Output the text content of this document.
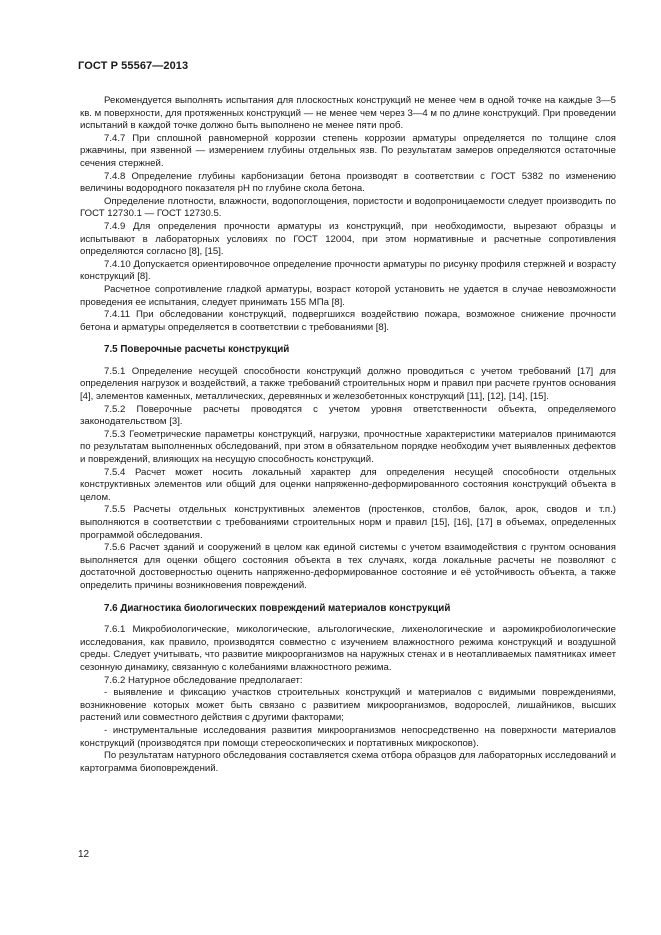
ГОСТ Р 55567—2013

Рекомендуется выполнять испытания для плоскостных конструкций не менее чем в одной точке на каждые 3—5 кв. м поверхности, для протяженных конструкций — не менее чем через 3—4 м по длине конструкций. При проведении испытаний в каждой точке должно быть выполнено не менее пяти проб.

7.4.7 При сплошной равномерной коррозии степень коррозии арматуры определяется по толщине слоя ржавчины, при язвенной — измерением глубины отдельных язв. По результатам замеров определяются остаточные сечения стержней.

7.4.8 Определение глубины карбонизации бетона производят в соответствии с ГОСТ 5382 по изменению величины водородного показателя pH по глубине скола бетона.

Определение плотности, влажности, водопоглощения, пористости и водопроницаемости следует производить по ГОСТ 12730.1 — ГОСТ 12730.5.

7.4.9 Для определения прочности арматуры из конструкций, при необходимости, вырезают образцы и испытывают в лабораторных условиях по ГОСТ 12004, при этом нормативные и расчетные сопротивления определяются согласно [8], [15].

7.4.10 Допускается ориентировочное определение прочности арматуры по рисунку профиля стержней и возрасту конструкций [8].

Расчетное сопротивление гладкой арматуры, возраст которой установить не удается в случае невозможности проведения ее испытания, следует принимать 155 МПа [8].

7.4.11 При обследовании конструкций, подвергшихся воздействию пожара, возможное снижение прочности бетона и арматуры определяется в соответствии с требованиями [8].

7.5 Поверочные расчеты конструкций

7.5.1 Определение несущей способности конструкций должно проводиться с учетом требований [17] для определения нагрузок и воздействий, а также требований строительных норм и правил при расчете грунтов основания [4], элементов каменных, металлических, деревянных и железобетонных конструкций [11], [12], [14], [15].

7.5.2 Поверочные расчеты проводятся с учетом уровня ответственности объекта, определяемого законодательством [3].

7.5.3 Геометрические параметры конструкций, нагрузки, прочностные характеристики материалов принимаются по результатам выполненных обследований, при этом в обязательном порядке необходим учет выявленных дефектов и повреждений, влияющих на несущую способность конструкций.

7.5.4 Расчет может носить локальный характер для определения несущей способности отдельных конструктивных элементов или общий для оценки напряженно-деформированного состояния конструкций объекта в целом.

7.5.5 Расчеты отдельных конструктивных элементов (простенков, столбов, балок, арок, сводов и т.п.) выполняются в соответствии с требованиями строительных норм и правил [15], [16], [17] в объемах, определенных программой обследования.

7.5.6 Расчет зданий и сооружений в целом как единой системы с учетом взаимодействия с грунтом основания выполняется для оценки общего состояния объекта в тех случаях, когда локальные расчеты не позволяют с достаточной достоверностью оценить напряженно-деформированное состояние и её устойчивость объекта, а также определить причины возникновения повреждений.

7.6 Диагностика биологических повреждений материалов конструкций

7.6.1 Микробиологические, микологические, альгологические, лихенологические и аэромикробиологические исследования, как правило, производятся совместно с изучением влажностного режима конструкций и воздушной среды. Следует учитывать, что развитие микроорганизмов на наружных стенах и в неотапливаемых памятниках имеет сезонную динамику, связанную с колебаниями влажностного режима.

7.6.2 Натурное обследование предполагает:

- выявление и фиксацию участков строительных конструкций и материалов с видимыми повреждениями, возникновение которых может быть связано с развитием микроорганизмов, водорослей, лишайников, высших растений или совместного действия с другими факторами;

- инструментальные исследования развития микроорганизмов непосредственно на поверхности материалов конструкций (производятся при помощи стереоскопических и портативных микроскопов).

По результатам натурного обследования составляется схема отбора образцов для лабораторных исследований и картограмма биоповреждений.

12
